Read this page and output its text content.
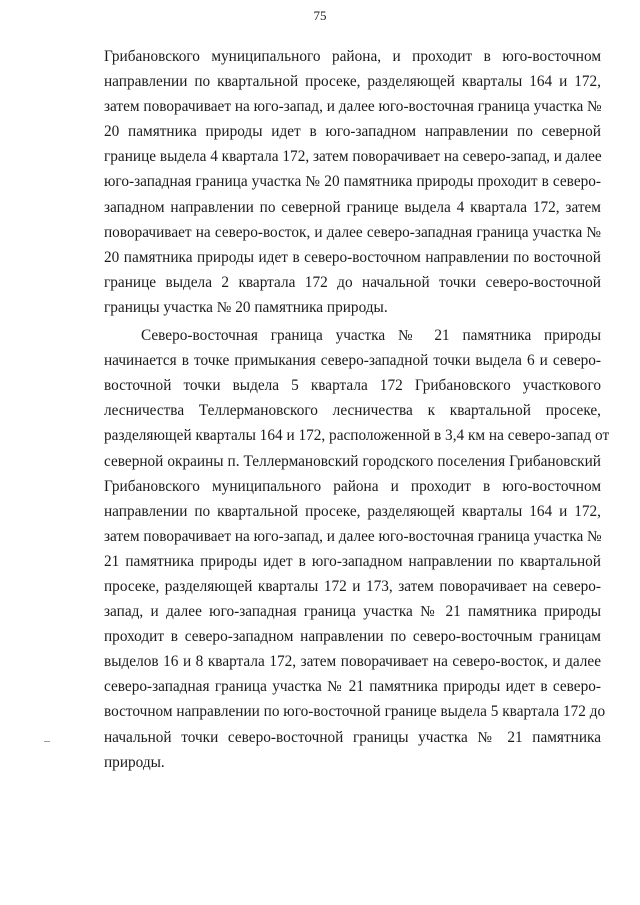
75

Грибановского муниципального района, и проходит в юго-восточном
направлении по квартальной просеке, разделяющей кварталы 164 и 172,
затем поворачивает на юго-запад, и далее юго-восточная граница участка №
20 памятника природы идет в юго-западном направлении по северной
границе выдела 4 квартала 172, затем поворачивает на северо-запад, и далее
юго-западная граница участка № 20 памятника природы проходит в северо-
западном направлении по северной границе выдела 4 квартала 172, затем
поворачивает на северо-восток, и далее северо-западная граница участка №
20 памятника природы идет в северо-восточном направлении по восточной
границе выдела 2 квартала 172 до начальной точки северо-восточной
границы участка № 20 памятника природы.

Северо-восточная граница участка № 21 памятника природы
начинается в точке примыкания северо-западной точки выдела 6 и северо-
восточной точки выдела 5 квартала 172 Грибановского участкового
лесничества Теллермановского лесничества к квартальной просеке,
разделяющей кварталы 164 и 172, расположенной в 3,4 км на северо-запад от
северной окраины п. Теллермановский городского поселения Грибановский
Грибановского муниципального района и проходит в юго-восточном
направлении по квартальной просеке, разделяющей кварталы 164 и 172,
затем поворачивает на юго-запад, и далее юго-восточная граница участка №
21 памятника природы идет в юго-западном направлении по квартальной
просеке, разделяющей кварталы 172 и 173, затем поворачивает на северо-
запад, и далее юго-западная граница участка № 21 памятника природы
проходит в северо-западном направлении по северо-восточным границам
выделов 16 и 8 квартала 172, затем поворачивает на северо-восток, и далее
северо-западная граница участка № 21 памятника природы идет в северо-
восточном направлении по юго-восточной границе выдела 5 квартала 172 до
начальной точки северо-восточной границы участка № 21 памятника
природы.
